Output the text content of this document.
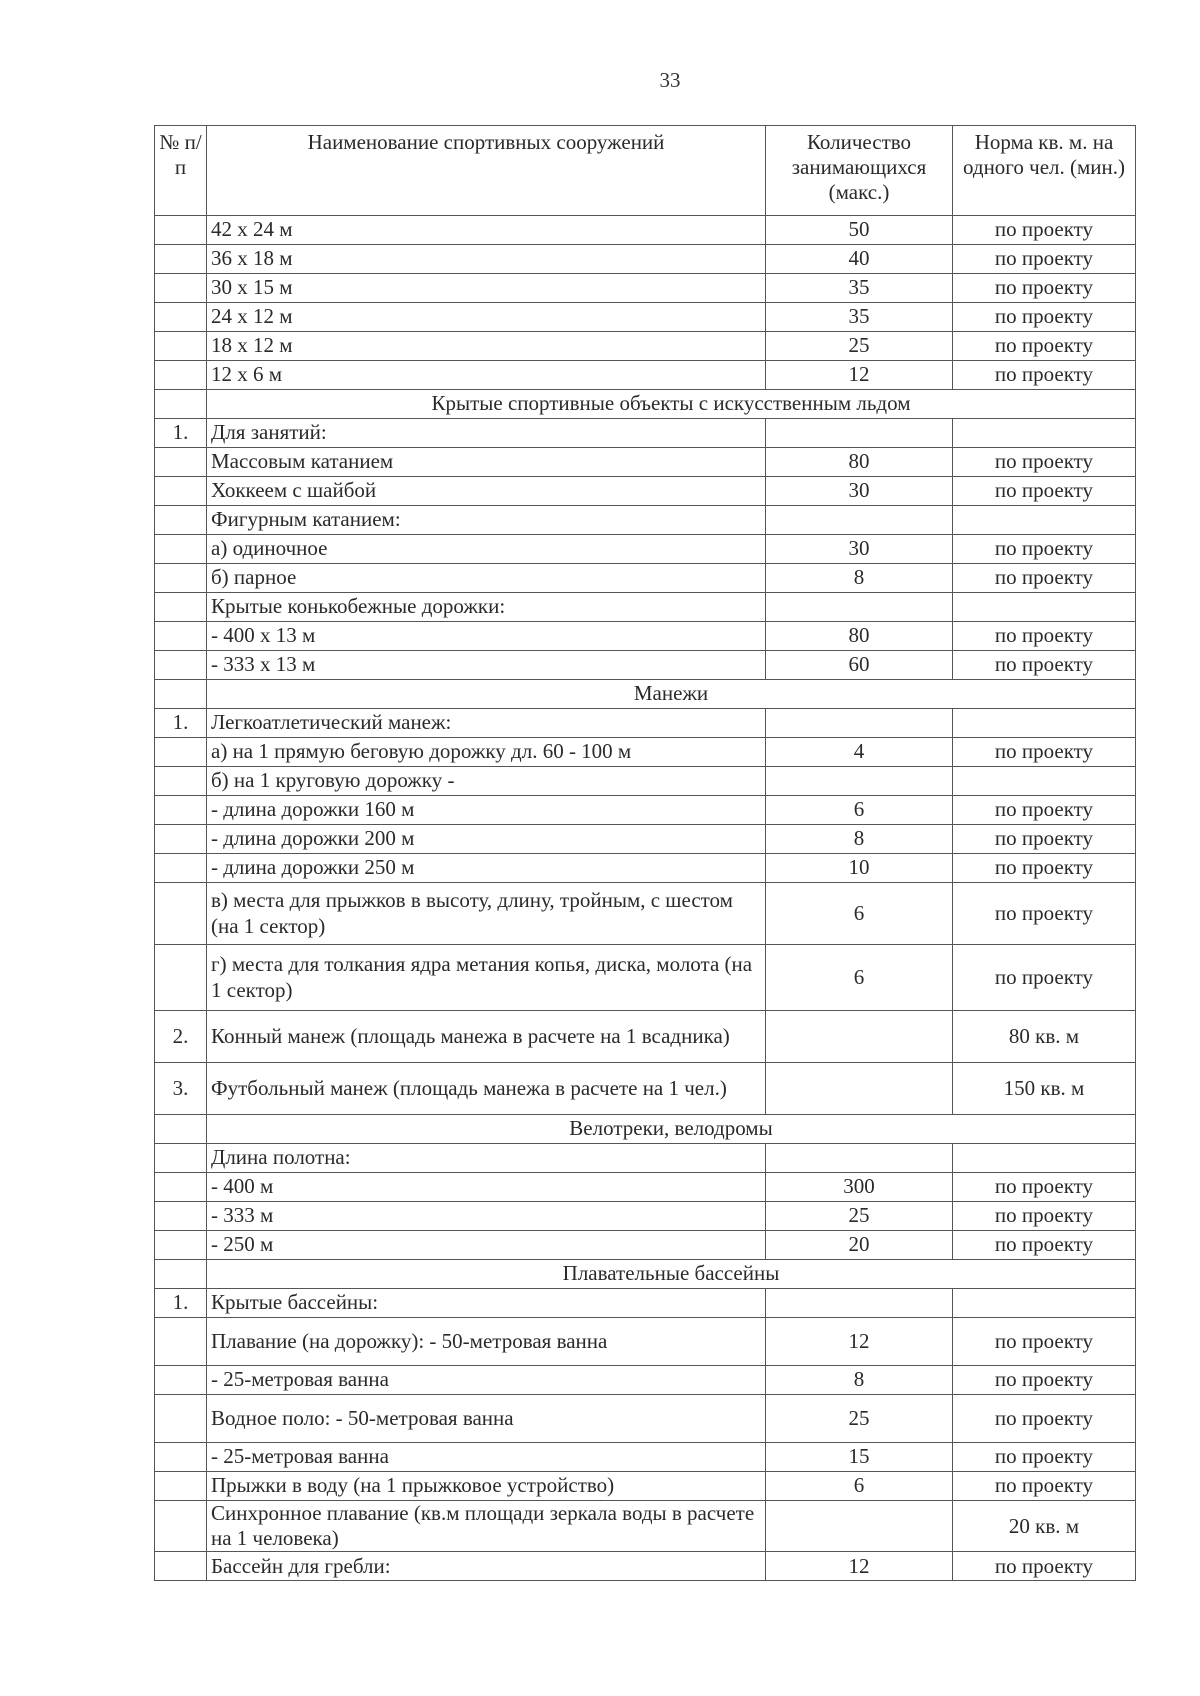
33
№ п/п	Наименование спортивных сооружений	Количество занимающихся (макс.)	Норма кв. м. на одного чел. (мин.)
	42 x 24 м	50	по проекту
	36 x 18 м	40	по проекту
	30 x 15 м	35	по проекту
	24 x 12 м	35	по проекту
	18 x 12 м	25	по проекту
	12 x 6 м	12	по проекту
	Крытые спортивные объекты с искусственным льдом		
1.	Для занятий:		
	Массовым катанием	80	по проекту
	Хоккеем с шайбой	30	по проекту
	Фигурным катанием:		
	а) одиночное	30	по проекту
	б) парное	8	по проекту
	Крытые конькобежные дорожки:		
	- 400 x 13 м	80	по проекту
	- 333 x 13 м	60	по проекту
	Манежи		
1.	Легкоатлетический манеж:		
	а) на 1 прямую беговую дорожку дл. 60 - 100 м	4	по проекту
	б) на 1 круговую дорожку -		
	- длина дорожки 160 м	6	по проекту
	- длина дорожки 200 м	8	по проекту
	- длина дорожки 250 м	10	по проекту
	в) места для прыжков в высоту, длину, тройным, с шестом (на 1 сектор)	6	по проекту
	г) места для толкания ядра метания копья, диска, молота (на 1 сектор)	6	по проекту
2.	Конный манеж (площадь манежа в расчете на 1 всадника)		80 кв. м
3.	Футбольный манеж (площадь манежа в расчете на 1 чел.)		150 кв. м
	Велотреки, велодромы		
	Длина полотна:		
	- 400 м	300	по проекту
	- 333 м	25	по проекту
	- 250 м	20	по проекту
	Плавательные бассейны		
1.	Крытые бассейны:		
	Плавание (на дорожку): - 50-метровая ванна	12	по проекту
	- 25-метровая ванна	8	по проекту
	Водное поло: - 50-метровая ванна	25	по проекту
	- 25-метровая ванна	15	по проекту
	Прыжки в воду (на 1 прыжковое устройство)	6	по проекту
	Синхронное плавание (кв.м площади зеркала воды в расчете на 1 человека)		20 кв. м
	Бассейн для гребли:	12	по проекту
